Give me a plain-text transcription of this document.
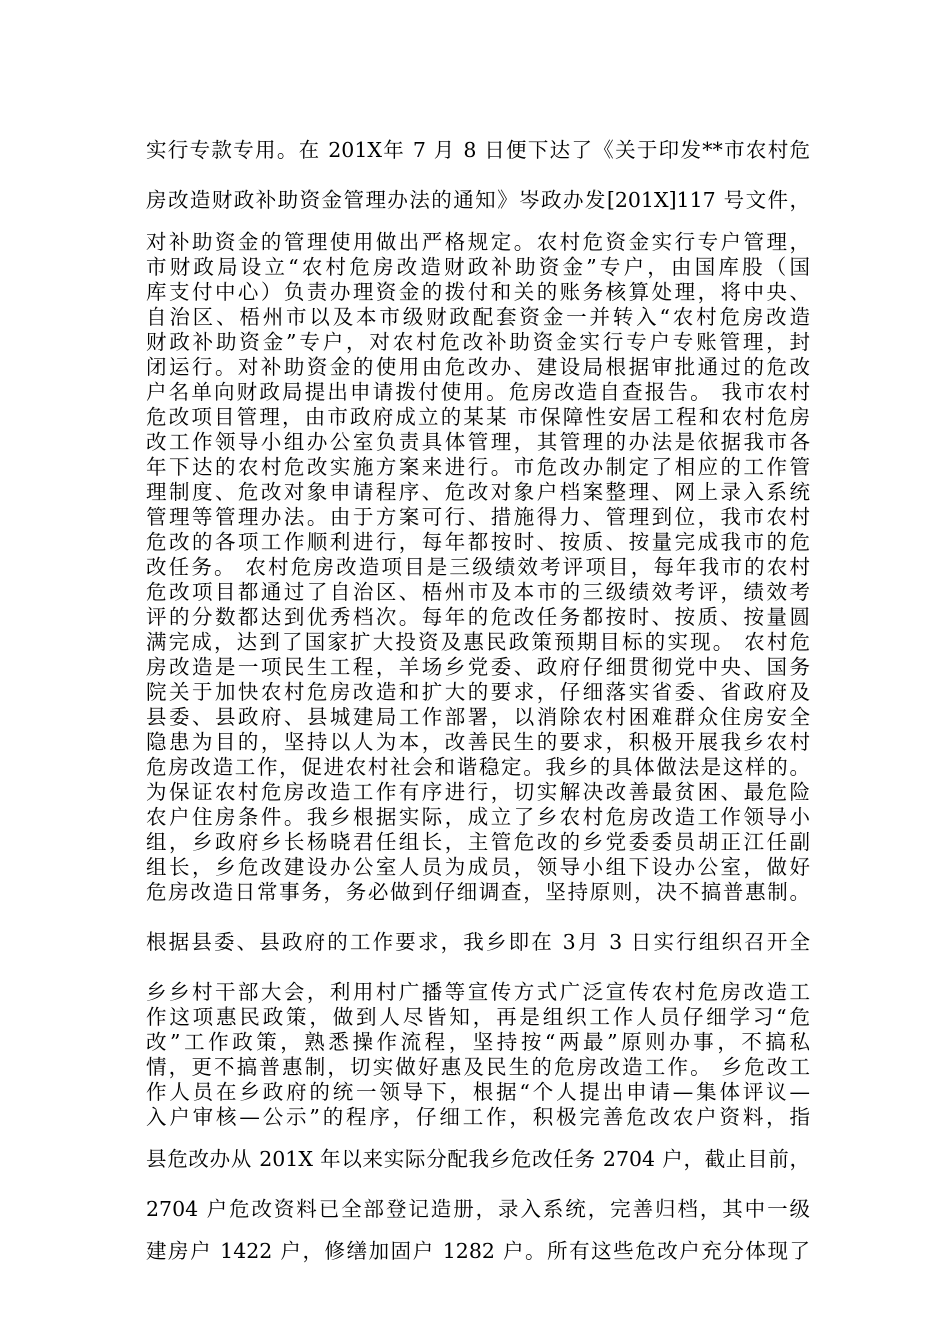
实行专款专用。在 201X年 7 月 8 日便下达了《关于印发**市农村危
房改造财政补助资金管理办法的通知》岑政办发[201X]117 号文件，
对补助资金的管理使用做出严格规定。农村危资金实行专户管理，
市财政局设立“农村危房改造财政补助资金”专户，由国库股（国
库支付中心）负责办理资金的拨付和关的账务核算处理，将中央、
自治区、梧州市以及本市级财政配套资金一并转入“农村危房改造
财政补助资金”专户，对农村危改补助资金实行专户专账管理，封
闭运行。对补助资金的使用由危改办、建设局根据审批通过的危改
户名单向财政局提出申请拨付使用。危房改造自查报告。 我市农村
危改项目管理，由市政府成立的某某 市保障性安居工程和农村危房
改工作领导小组办公室负责具体管理，其管理的办法是依据我市各
年下达的农村危改实施方案来进行。市危改办制定了相应的工作管
理制度、危改对象申请程序、危改对象户档案整理、网上录入系统
管理等管理办法。由于方案可行、措施得力、管理到位，我市农村
危改的各项工作顺利进行，每年都按时、按质、按量完成我市的危
改任务。 农村危房改造项目是三级绩效考评项目，每年我市的农村
危改项目都通过了自治区、梧州市及本市的三级绩效考评，绩效考
评的分数都达到优秀档次。每年的危改任务都按时、按质、按量圆
满完成，达到了国家扩大投资及惠民政策预期目标的实现。 农村危
房改造是一项民生工程，羊场乡党委、政府仔细贯彻党中央、国务
院关于加快农村危房改造和扩大的要求，仔细落实省委、省政府及
县委、县政府、县城建局工作部署，以消除农村困难群众住房安全
隐患为目的，坚持以人为本，改善民生的要求，积极开展我乡农村
危房改造工作，促进农村社会和谐稳定。我乡的具体做法是这样的。
为保证农村危房改造工作有序进行，切实解决改善最贫困、最危险
农户住房条件。我乡根据实际，成立了乡农村危房改造工作领导小
组，乡政府乡长杨晓君任组长，主管危改的乡党委委员胡正江任副
组长，乡危改建设办公室人员为成员，领导小组下设办公室，做好
危房改造日常事务，务必做到仔细调查，坚持原则，决不搞普惠制。
根据县委、县政府的工作要求，我乡即在 3月 3 日实行组织召开全
乡乡村干部大会，利用村广播等宣传方式广泛宣传农村危房改造工
作这项惠民政策，做到人尽皆知，再是组织工作人员仔细学习“危
改”工作政策，熟悉操作流程，坚持按“两最”原则办事，不搞私
情，更不搞普惠制，切实做好惠及民生的危房改造工作。 乡危改工
作人员在乡政府的统一领导下，根据“个人提出申请—集体评议—
入户审核—公示”的程序，仔细工作，积极完善危改农户资料，指
县危改办从 201X 年以来实际分配我乡危改任务 2704 户，截止目前，
2704 户危改资料已全部登记造册，录入系统，完善归档，其中一级
建房户 1422 户，修缮加固户 1282 户。所有这些危改户充分体现了
